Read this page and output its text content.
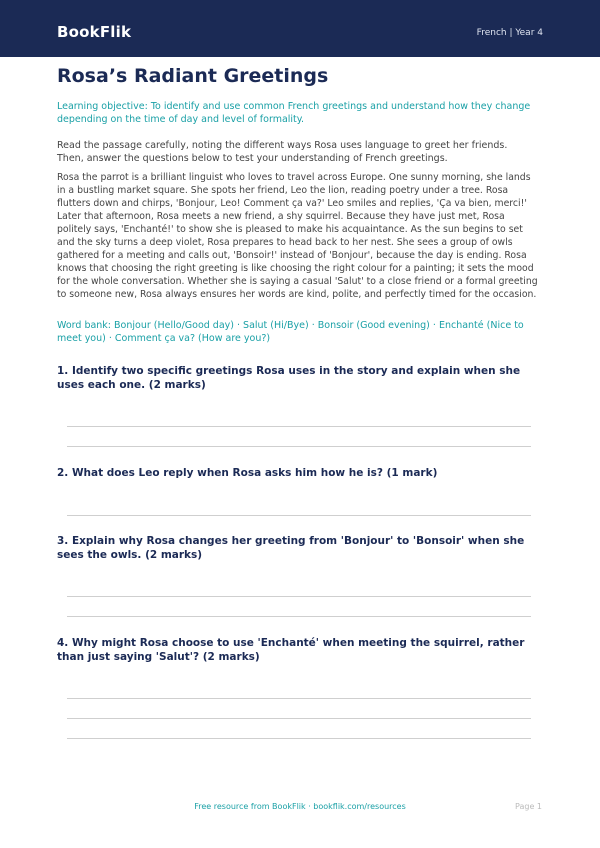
BookFlik	French | Year 4
Rosa’s Radiant Greetings
Learning objective: To identify and use common French greetings and understand how they change depending on the time of day and level of formality.
Read the passage carefully, noting the different ways Rosa uses language to greet her friends. Then, answer the questions below to test your understanding of French greetings.
Rosa the parrot is a brilliant linguist who loves to travel across Europe. One sunny morning, she lands in a bustling market square. She spots her friend, Leo the lion, reading poetry under a tree. Rosa flutters down and chirps, 'Bonjour, Leo! Comment ça va?' Leo smiles and replies, 'Ça va bien, merci!' Later that afternoon, Rosa meets a new friend, a shy squirrel. Because they have just met, Rosa politely says, 'Enchanté!' to show she is pleased to make his acquaintance. As the sun begins to set and the sky turns a deep violet, Rosa prepares to head back to her nest. She sees a group of owls gathered for a meeting and calls out, 'Bonsoir!' instead of 'Bonjour', because the day is ending. Rosa knows that choosing the right greeting is like choosing the right colour for a painting; it sets the mood for the whole conversation. Whether she is saying a casual 'Salut' to a close friend or a formal greeting to someone new, Rosa always ensures her words are kind, polite, and perfectly timed for the occasion.
Word bank: Bonjour (Hello/Good day) · Salut (Hi/Bye) · Bonsoir (Good evening) · Enchanté (Nice to meet you) · Comment ça va? (How are you?)
1. Identify two specific greetings Rosa uses in the story and explain when she uses each one. (2 marks)
2. What does Leo reply when Rosa asks him how he is? (1 mark)
3. Explain why Rosa changes her greeting from 'Bonjour' to 'Bonsoir' when she sees the owls. (2 marks)
4. Why might Rosa choose to use 'Enchanté' when meeting the squirrel, rather than just saying 'Salut'? (2 marks)
Free resource from BookFlik · bookflik.com/resources	Page 1
